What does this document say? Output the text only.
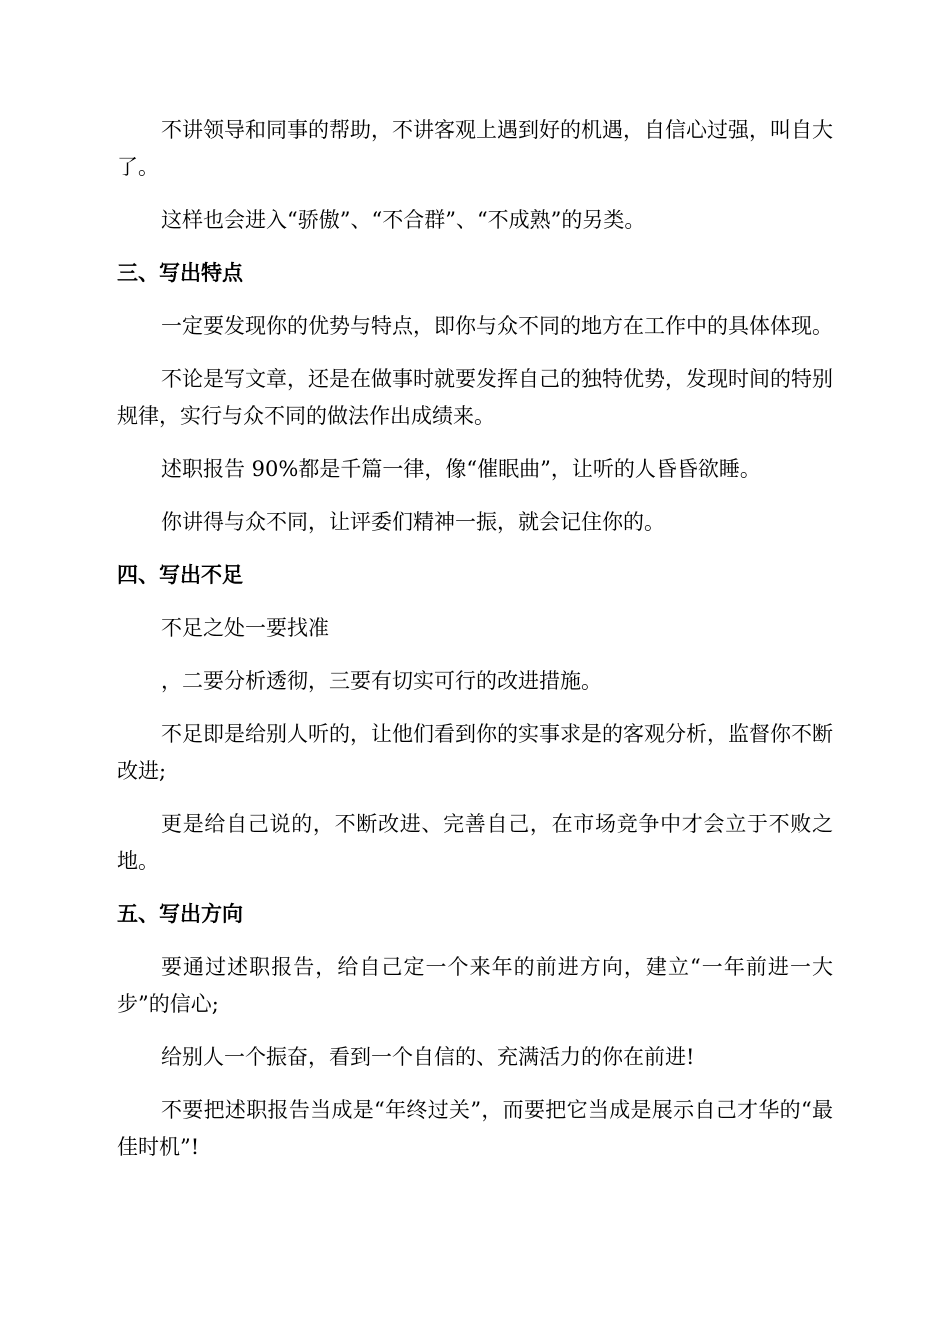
不讲领导和同事的帮助，不讲客观上遇到好的机遇，自信心过强，叫自大了。

这样也会进入“骄傲”、“不合群”、“不成熟”的另类。

三、写出特点

一定要发现你的优势与特点，即你与众不同的地方在工作中的具体体现。

不论是写文章，还是在做事时就要发挥自己的独特优势，发现时间的特别规律，实行与众不同的做法作出成绩来。

述职报告 90%都是千篇一律，像“催眠曲”，让听的人昏昏欲睡。

你讲得与众不同，让评委们精神一振，就会记住你的。

四、写出不足

不足之处一要找准

，二要分析透彻，三要有切实可行的改进措施。

不足即是给别人听的，让他们看到你的实事求是的客观分析，监督你不断改进;

更是给自己说的，不断改进、完善自己，在市场竞争中才会立于不败之地。

五、写出方向

要通过述职报告，给自己定一个来年的前进方向，建立“一年前进一大步”的信心;

给别人一个振奋，看到一个自信的、充满活力的你在前进!

不要把述职报告当成是“年终过关”，而要把它当成是展示自己才华的“最佳时机”!
